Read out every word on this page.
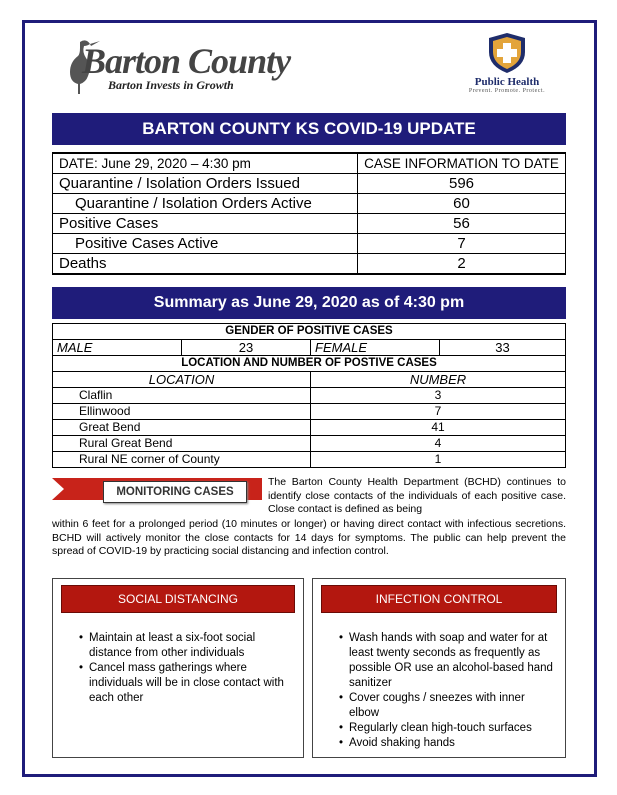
Barton County
Barton Invests in Growth	Public Health
Prevent. Promote. Protect.
BARTON COUNTY KS COVID-19 UPDATE
DATE: June 29, 2020 – 4:30 pm	CASE INFORMATION TO DATE
Quarantine / Isolation Orders Issued	596
Quarantine / Isolation Orders Active	60
Positive Cases	56
Positive Cases Active	7
Deaths	2
Summary as June 29, 2020 as of 4:30 pm
GENDER OF POSITIVE CASES			
MALE	23	FEMALE	33
LOCATION AND NUMBER OF POSTIVE CASES			
LOCATION		NUMBER	
Claflin		3	
Ellinwood		7	
Great Bend		41	
Rural Great Bend		4	
Rural NE corner of County		1	
MONITORING CASES
The Barton County Health Department (BCHD) continues to identify close contacts of the individuals of each positive case. Close contact is defined as being
within 6 feet for a prolonged period (10 minutes or longer) or having direct contact with infectious secretions. BCHD will actively monitor the close contacts for 14 days for symptoms. The public can help prevent the spread of COVID-19 by practicing social distancing and infection control.
SOCIAL DISTANCING
• Maintain at least a six-foot social distance from other individuals
• Cancel mass gatherings where individuals will be in close contact with each other
INFECTION CONTROL
• Wash hands with soap and water for at least twenty seconds as frequently as possible OR use an alcohol-based hand sanitizer
• Cover coughs / sneezes with inner elbow
• Regularly clean high-touch surfaces
• Avoid shaking hands
